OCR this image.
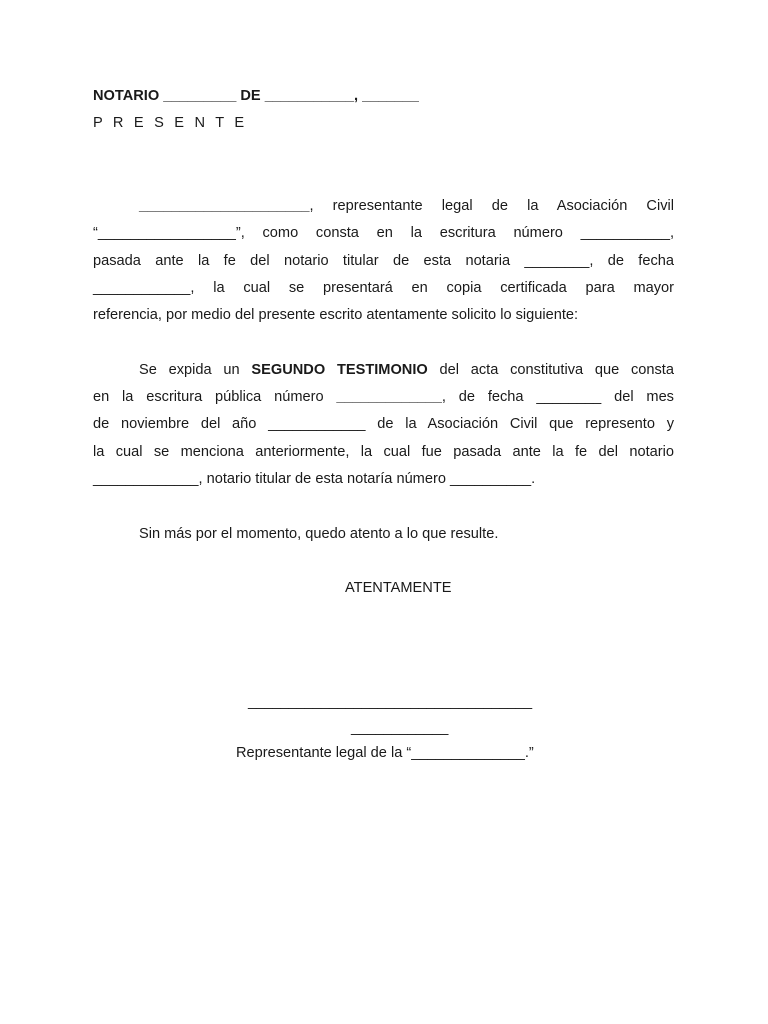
NOTARIO _________ DE ___________, _______
P R E S E N T E
_____________________, representante legal de la Asociación Civil
“_________________”, como consta en la escritura número ___________,
pasada ante la fe del notario titular de esta notaria ________, de fecha
____________, la cual se presentará en copia certificada para mayor
referencia, por medio del presente escrito atentamente solicito lo siguiente:
Se expida un SEGUNDO TESTIMONIO del acta constitutiva que consta
en la escritura pública número _____________, de fecha ________ del mes
de noviembre del año ____________ de la Asociación Civil que represento y
la cual se menciona anteriormente, la cual fue pasada ante la fe del notario
_____________, notario titular de esta notaría número __________.
Sin más por el momento, quedo atento a lo que resulte.
ATENTAMENTE
___________________________________
____________
Representante legal de la “______________.”
